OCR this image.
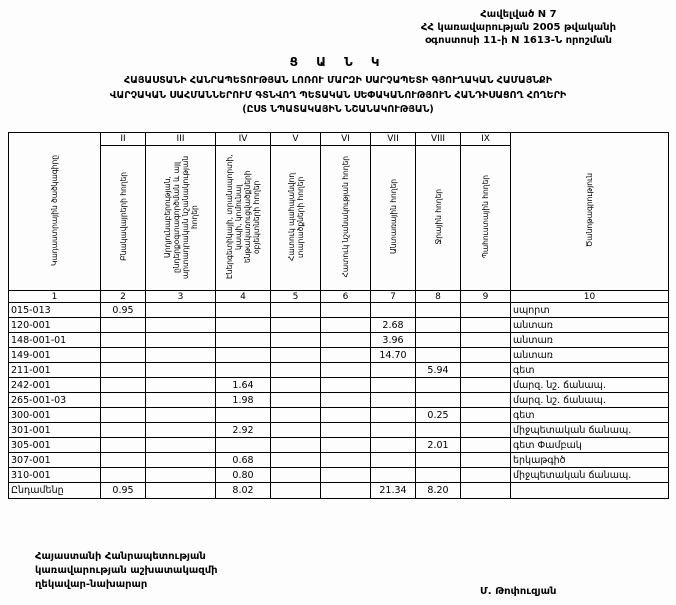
Հավելված N 7
ՀՀ կառավարության 2005 թվականի
օգոստոսի 11-ի N 1613-Ն որոշման
Ց Ա Ն Կ
ՀԱՅԱՍՏԱՆԻ ՀԱՆՐԱՊԵՏՈՒԹՅԱՆ ԼՈՌՈՒ ՄԱՐԶԻ ՍԱՐՉԱՊԵՏԻ ԳՅՈՒՂԱԿԱՆ ՀԱՄԱՅՆՔԻ
ՎԱՐՉԱԿԱՆ ՍԱՀՄԱՆՆԵՐՈՒՄ ԳՏՆՎՈՂ ՊԵՏԱԿԱՆ ՍԵՓԱԿԱՆՈՒԹՅՈՒՆ ՀԱՆԴԻՍԱՑՈՂ ՀՈՂԵՐԻ
(ԸՍՏ ՆՊԱՏԱԿԱՅԻՆ ՆՇԱՆԱԿՈՒԹՅԱՆ)
Կադաստրային ծածկագիրը	II	III	IV	V	VI	VII	VIII	IX	Ծանոթագրություն
	Բնակավայրերի հողեր	Արդյունաբերության, ընդերքօգտագործման և այլ արտադրական նշանակության հողեր	Էներգետիկայի, տրանսպորտի, կապի, կոմունալ ենթակառուցվածքների օբյեկտների հողեր	Հատուկ պահպանվող տարածքների հողեր	Հատուկ նշանակության հողեր	Անտառային հողեր	Ջրային հողեր	Պահուստային հողեր	
1	2	3	4	5	6	7	8	9	10
015-013	0.95								սպորտ
120-001						2.68			անտառ
148-001-01						3.96			անտառ
149-001						14.70			անտառ
211-001							5.94		գետ
242-001			1.64						մարզ. նշ. ճանապ.
265-001-03			1.98						մարզ. նշ. ճանապ.
300-001							0.25		գետ
301-001			2.92						միջպետական ճանապ.
305-001							2.01		գետ Փամբակ
307-001			0.68						երկաթգիծ
310-001			0.80						միջպետական ճանապ.
Ընդամենը	0.95		8.02			21.34	8.20		
Հայաստանի Հանրապետության
կառավարության աշխատակազմի
ղեկավար-նախարար
Մ. Թոփուզյան
